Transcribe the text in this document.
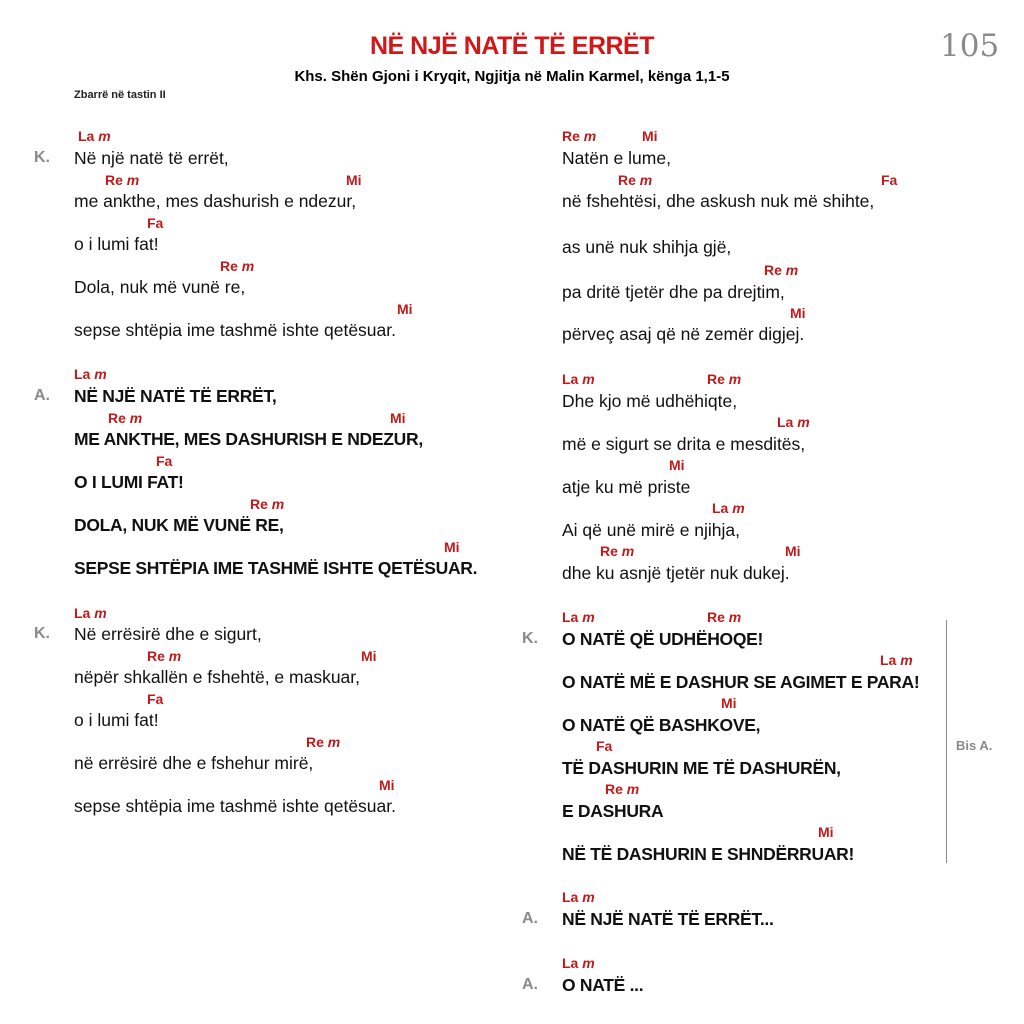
NË NJË NATË TË ERRËT
Khs. Shën Gjoni i Kryqit, Ngjitja në Malin Karmel, kënga 1,1-5
105
Zbarrë në tastin II
K.
La m
Në një natë të errët,
Re m	Mi
me ankthe, mes dashurish e ndezur,
Fa
o i lumi fat!
Re m
Dola, nuk më vunë re,
Mi
sepse shtëpia ime tashmë ishte qetësuar.
A.
La m
NË NJË NATË TË ERRËT,
Re m	Mi
ME ANKTHE, MES DASHURISH E NDEZUR,
Fa
O I LUMI FAT!
Re m
DOLA, NUK MË VUNË RE,
Mi
SEPSE SHTËPIA IME TASHMË ISHTE QETËSUAR.
K.
La m
Në errësirë dhe e sigurt,
Re m	Mi
nëpër shkallën e fshehtë, e maskuar,
Fa
o i lumi fat!
Re m
në errësirë dhe e fshehur mirë,
Mi
sepse shtëpia ime tashmë ishte qetësuar.
Re m	Mi
Natën e lume,
Re m	Fa
në fshehtësi, dhe askush nuk më shihte,
as unë nuk shihja gjë,
Re m
pa dritë tjetër dhe pa drejtim,
Mi
përveç asaj që në zemër digjej.
La m	Re m
Dhe kjo më udhëhiqte,
La m
më e sigurt se drita e mesditës,
Mi
atje ku më priste
La m
Ai që unë mirë e njihja,
Re m	Mi
dhe ku asnjë tjetër nuk dukej.
K.
La m	Re m
O NATË QË UDHËHOQE!
La m
O NATË MË E DASHUR SE AGIMET E PARA!
Mi
O NATË QË BASHKOVE,
Fa
TË DASHURIN ME TË DASHURËN,
Re m
E DASHURA
Mi
NË TË DASHURIN E SHNDËRRUAR!
Bis A.
A.
La m
NË NJË NATË TË ERRËT...
A.
La m
O NATË ...
